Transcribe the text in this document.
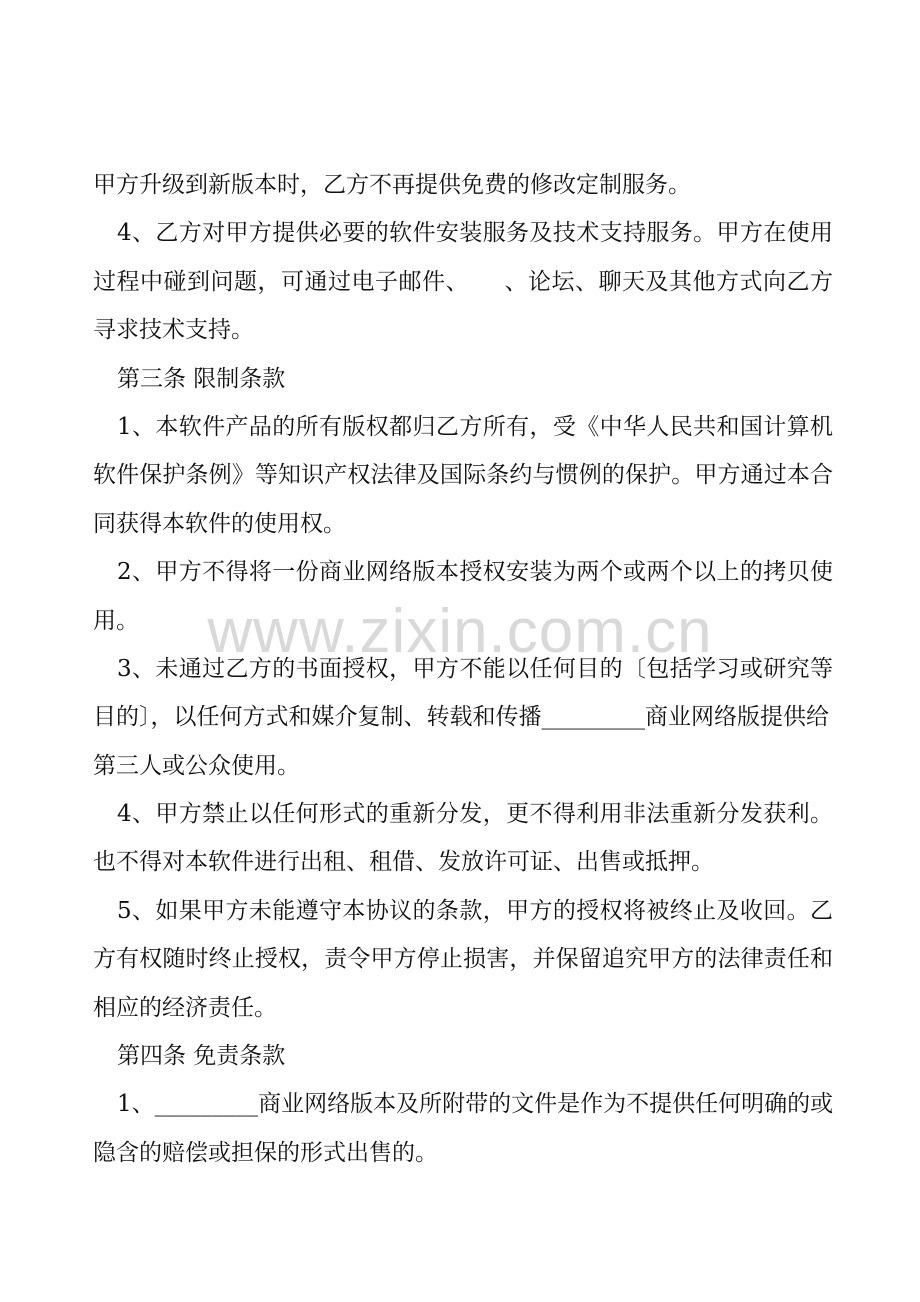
www.zixin.com.cn
甲方升级到新版本时，乙方不再提供免费的修改定制服务。
4、乙方对甲方提供必要的软件安装服务及技术支持服务。甲方在使用
过程中碰到问题，可通过电子邮件、　　、论坛、聊天及其他方式向乙方
寻求技术支持。
第三条 限制条款
1、本软件产品的所有版权都归乙方所有，受《中华人民共和国计算机
软件保护条例》等知识产权法律及国际条约与惯例的保护。甲方通过本合
同获得本软件的使用权。
2、甲方不得将一份商业网络版本授权安装为两个或两个以上的拷贝使
用。
3、未通过乙方的书面授权，甲方不能以任何目的〔包括学习或研究等
目的〕，以任何方式和媒介复制、转载和传播_________商业网络版提供给
第三人或公众使用。
4、甲方禁止以任何形式的重新分发，更不得利用非法重新分发获利。
也不得对本软件进行出租、租借、发放许可证、出售或抵押。
5、如果甲方未能遵守本协议的条款，甲方的授权将被终止及收回。乙
方有权随时终止授权，责令甲方停止损害，并保留追究甲方的法律责任和
相应的经济责任。
第四条 免责条款
1、_________商业网络版本及所附带的文件是作为不提供任何明确的或
隐含的赔偿或担保的形式出售的。
